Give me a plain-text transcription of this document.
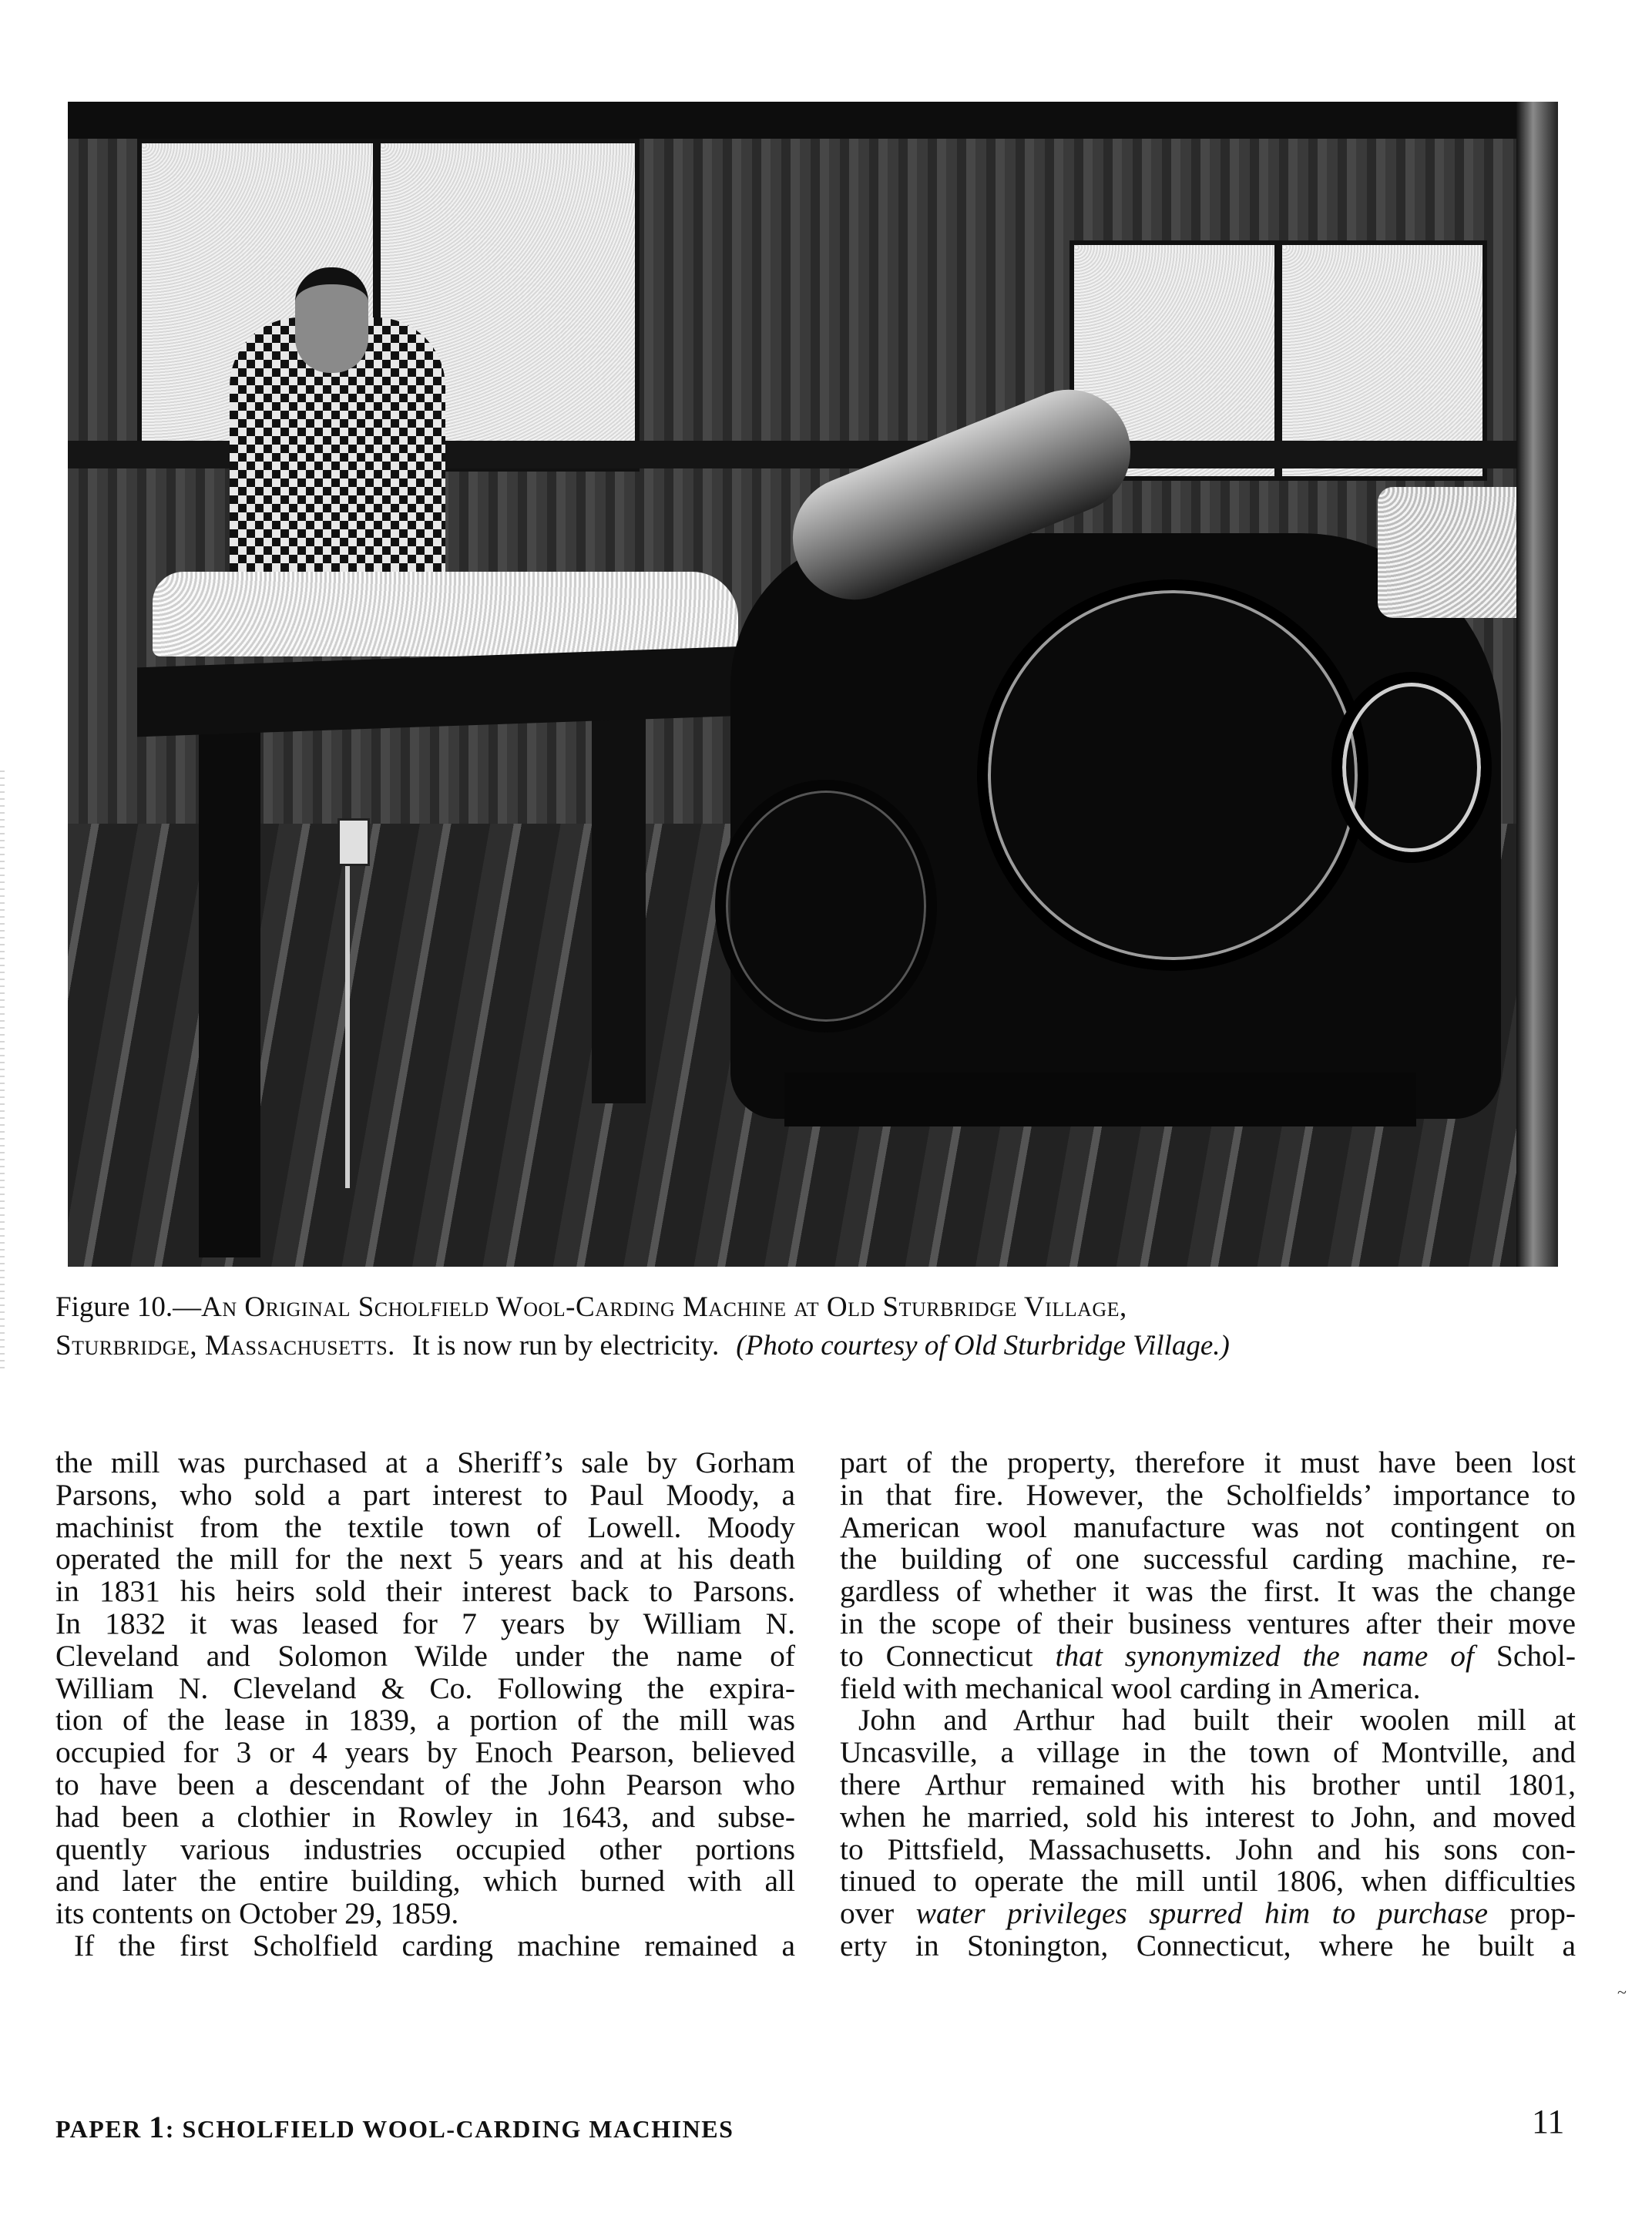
Figure 10.—An Original Scholfield Wool-Carding Machine at Old Sturbridge Village,
Sturbridge, Massachusetts. It is now run by electricity. (Photo courtesy of Old Sturbridge Village.)
the mill was purchased at a Sheriff’s sale by Gorham
Parsons, who sold a part interest to Paul Moody, a
machinist from the textile town of Lowell. Moody
operated the mill for the next 5 years and at his death
in 1831 his heirs sold their interest back to Parsons.
In 1832 it was leased for 7 years by William N.
Cleveland and Solomon Wilde under the name of
William N. Cleveland & Co. Following the expira-
tion of the lease in 1839, a portion of the mill was
occupied for 3 or 4 years by Enoch Pearson, believed
to have been a descendant of the John Pearson who
had been a clothier in Rowley in 1643, and subse-
quently various industries occupied other portions
and later the entire building, which burned with all
its contents on October 29, 1859.
If the first Scholfield carding machine remained a
part of the property, therefore it must have been lost
in that fire. However, the Scholfields’ importance to
American wool manufacture was not contingent on
the building of one successful carding machine, re-
gardless of whether it was the first. It was the change
in the scope of their business ventures after their move
to Connecticut that synonymized the name of Schol-
field with mechanical wool carding in America.
John and Arthur had built their woolen mill at
Uncasville, a village in the town of Montville, and
there Arthur remained with his brother until 1801,
when he married, sold his interest to John, and moved
to Pittsfield, Massachusetts. John and his sons con-
tinued to operate the mill until 1806, when difficulties
over water privileges spurred him to purchase prop-
erty in Stonington, Connecticut, where he built a
~
PAPER 1: SCHOLFIELD WOOL-CARDING MACHINES	11
